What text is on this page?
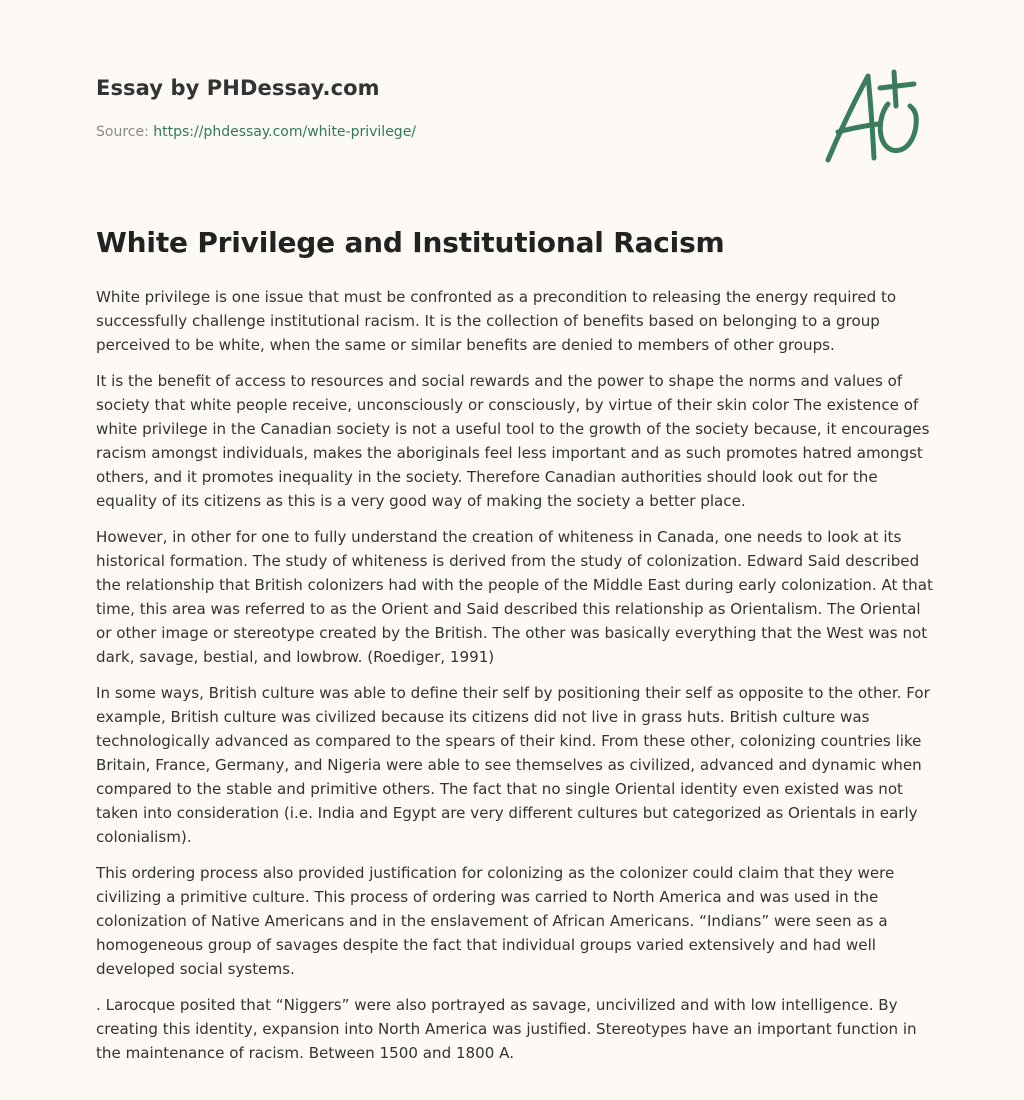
Essay by PHDessay.com
Source: https://phdessay.com/white-privilege/
White Privilege and Institutional Racism

White privilege is one issue that must be confronted as a precondition to releasing the energy required to successfully challenge institutional racism. It is the collection of benefits based on belonging to a group perceived to be white, when the same or similar benefits are denied to members of other groups.

It is the benefit of access to resources and social rewards and the power to shape the norms and values of society that white people receive, unconsciously or consciously, by virtue of their skin color The existence of white privilege in the Canadian society is not a useful tool to the growth of the society because, it encourages racism amongst individuals, makes the aboriginals feel less important and as such promotes hatred amongst others, and it promotes inequality in the society. Therefore Canadian authorities should look out for the equality of its citizens as this is a very good way of making the society a better place.

However, in other for one to fully understand the creation of whiteness in Canada, one needs to look at its historical formation. The study of whiteness is derived from the study of colonization. Edward Said described the relationship that British colonizers had with the people of the Middle East during early colonization. At that time, this area was referred to as the Orient and Said described this relationship as Orientalism. The Oriental or other image or stereotype created by the British. The other was basically everything that the West was not dark, savage, bestial, and lowbrow. (Roediger, 1991)

In some ways, British culture was able to define their self by positioning their self as opposite to the other. For example, British culture was civilized because its citizens did not live in grass huts. British culture was technologically advanced as compared to the spears of their kind. From these other, colonizing countries like Britain, France, Germany, and Nigeria were able to see themselves as civilized, advanced and dynamic when compared to the stable and primitive others. The fact that no single Oriental identity even existed was not taken into consideration (i.e. India and Egypt are very different cultures but categorized as Orientals in early colonialism).

This ordering process also provided justification for colonizing as the colonizer could claim that they were civilizing a primitive culture. This process of ordering was carried to North America and was used in the colonization of Native Americans and in the enslavement of African Americans. “Indians” were seen as a homogeneous group of savages despite the fact that individual groups varied extensively and had well developed social systems.

. Larocque posited that “Niggers” were also portrayed as savage, uncivilized and with low intelligence. By creating this identity, expansion into North America was justified. Stereotypes have an important function in the maintenance of racism. Between 1500 and 1800 A.
